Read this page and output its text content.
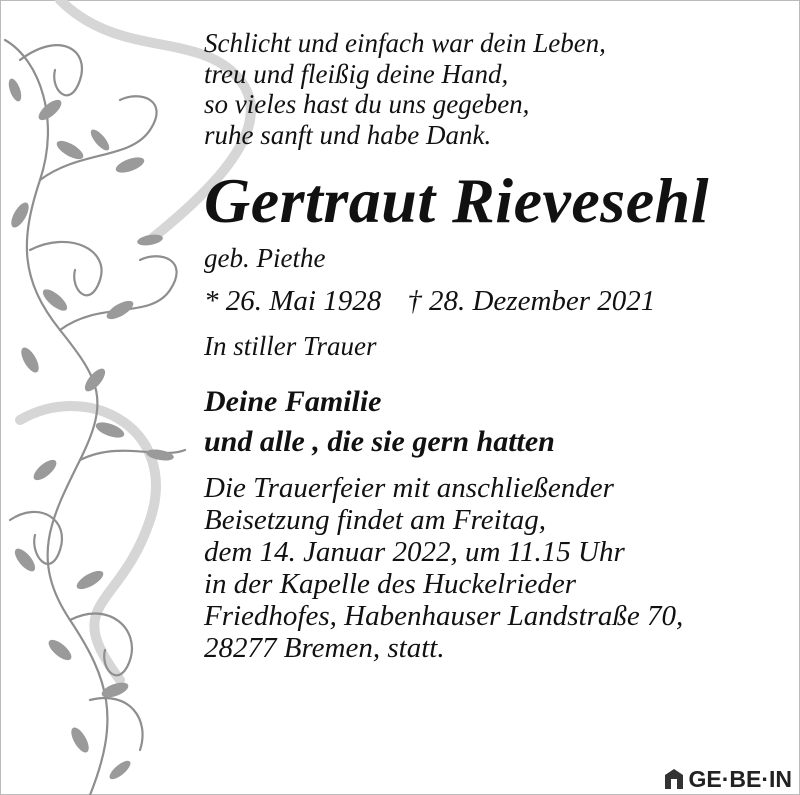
Schlicht und einfach war dein Leben,
treu und fleißig deine Hand,
so vieles hast du uns gegeben,
ruhe sanft und habe Dank.
Gertraut Rievesehl
geb. Piethe
* 26. Mai 1928 † 28. Dezember 2021
In stiller Trauer
Deine Familie
und alle , die sie gern hatten
Die Trauerfeier mit anschließender
Beisetzung findet am Freitag,
dem 14. Januar 2022, um 11.15 Uhr
in der Kapelle des Huckelrieder
Friedhofes, Habenhauser Landstraße 70,
28277 Bremen, statt.
GE·BE·IN
